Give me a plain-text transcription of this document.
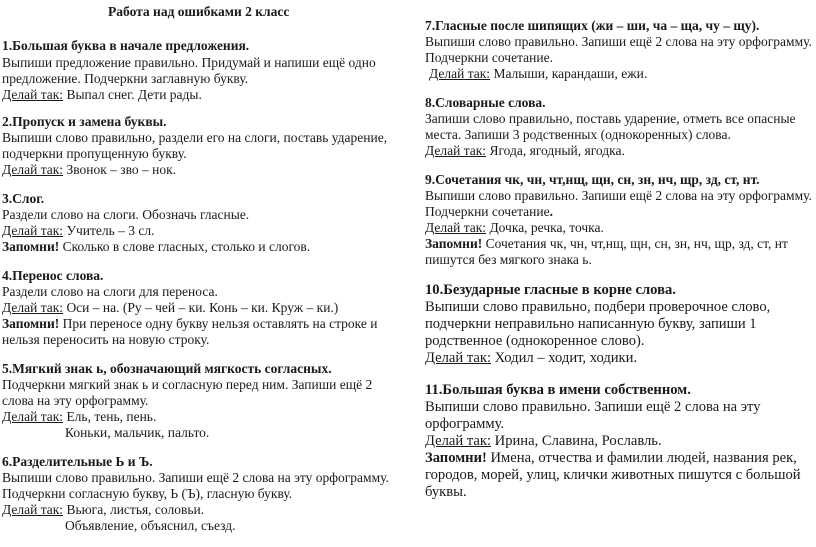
Работа над ошибками 2 класс
1.Большая буква в начале предложения.
Выпиши предложение правильно. Придумай и напиши ещё одно
предложение. Подчеркни заглавную букву.
Делай так: Выпал снег. Дети рады.
2.Пропуск и замена буквы.
Выпиши слово правильно, раздели его на слоги, поставь ударение,
подчеркни пропущенную букву.
Делай так: Звонок – зво – нок.
3.Слог.
Раздели слово на слоги. Обозначь гласные.
Делай так: Учитель – 3 сл.
Запомни! Сколько в слове гласных, столько и слогов.
4.Перенос слова.
Раздели слово на слоги для переноса.
Делай так: Оси – на. (Ру – чей – ки. Конь – ки. Круж – ки.)
Запомни! При переносе одну букву нельзя оставлять на строке и
нельзя переносить на новую строку.
5.Мягкий знак ь, обозначающий мягкость согласных.
Подчеркни мягкий знак ь и согласную перед ним. Запиши ещё 2
слова на эту орфограмму.
Делай так: Ель, тень, пень.
Коньки, мальчик, пальто.
6.Разделительные Ь и Ъ.
Выпиши слово правильно. Запиши ещё 2 слова на эту орфограмму.
Подчеркни согласную букву, Ь (Ъ), гласную букву.
Делай так: Вьюга, листья, соловьи.
Объявление, объяснил, съезд.
7.Гласные после шипящих (жи – ши, ча – ща, чу – щу).
Выпиши слово правильно. Запиши ещё 2 слова на эту орфограмму.
Подчеркни сочетание.
Делай так: Малыши, карандаши, ежи.
8.Словарные слова.
Запиши слово правильно, поставь ударение, отметь все опасные
места. Запиши 3 родственных (однокоренных) слова.
Делай так: Ягода, ягодный, ягодка.
9.Сочетания чк, чн, чт,нщ, щн, сн, зн, нч, щр, зд, ст, нт.
Выпиши слово правильно. Запиши ещё 2 слова на эту орфограмму.
Подчеркни сочетание.
Делай так: Дочка, речка, точка.
Запомни! Сочетания чк, чн, чт,нщ, щн, сн, зн, нч, щр, зд, ст, нт
пишутся без мягкого знака ь.
10.Безударные гласные в корне слова.
Выпиши слово правильно, подбери проверочное слово,
подчеркни неправильно написанную букву, запиши 1
родственное (однокоренное слово).
Делай так: Ходил – ходит, ходики.
11.Большая буква в имени собственном.
Выпиши слово правильно. Запиши ещё 2 слова на эту
орфограмму.
Делай так: Ирина, Славина, Рославль.
Запомни! Имена, отчества и фамилии людей, названия рек,
городов, морей, улиц, клички животных пишутся с большой
буквы.
